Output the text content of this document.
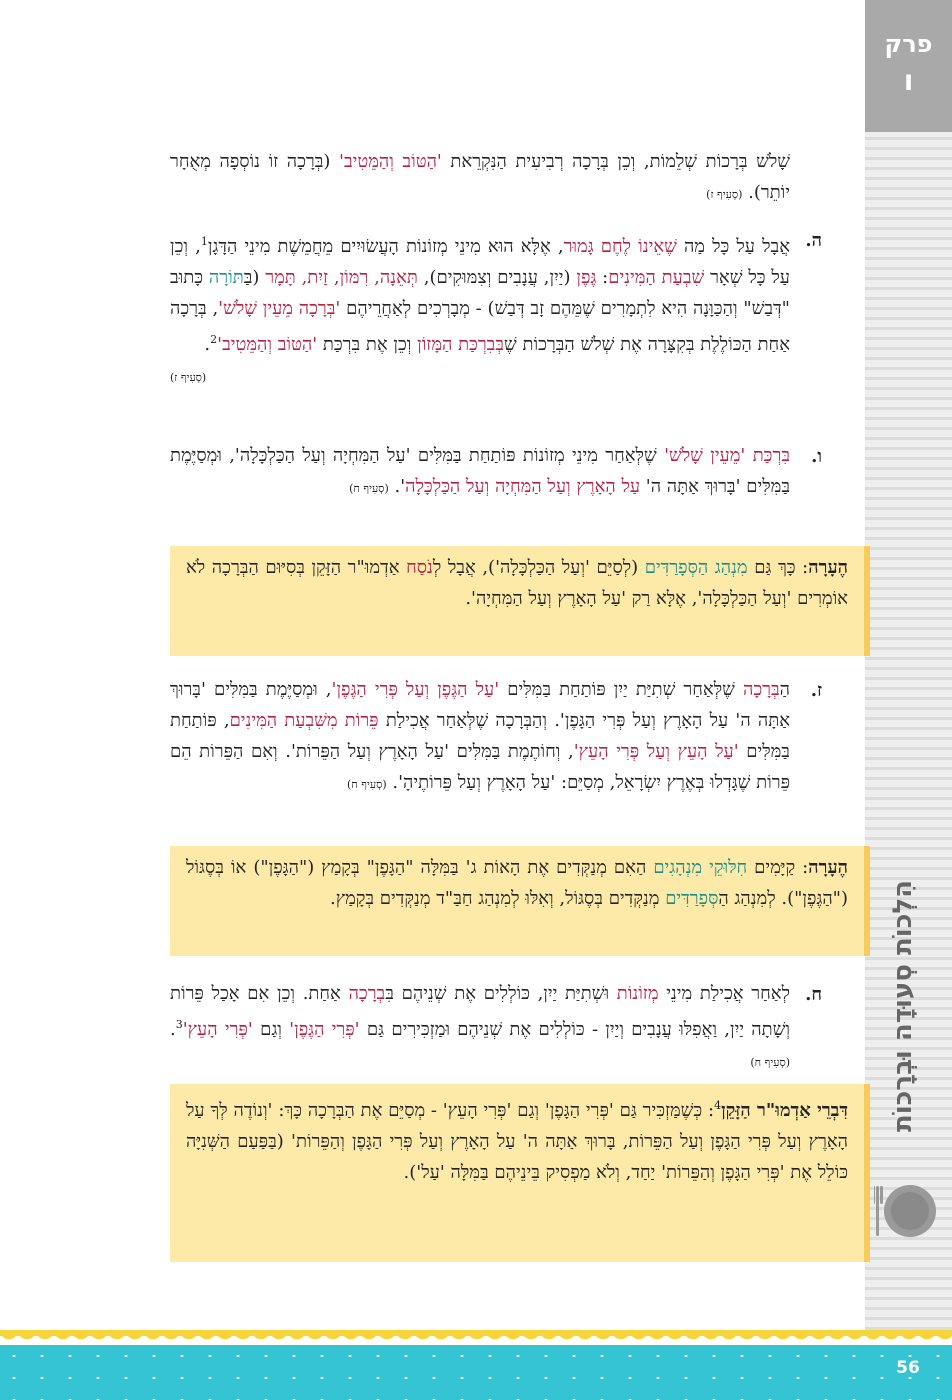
פרק
ו
הִלְכוֹת סְעוּדָה וּבְרָכוֹת
שָׁלֹשׁ בְּרָכוֹת שְׁלֵמוֹת, וְכֵן בְּרָכָה רְבִיעִית הַנִּקְרֵאת 'הַטּוֹב וְהַמֵּטִיב' (בְּרָכָה זוֹ נוֹסְפָה מְאֻחָר יוֹתֵר). (סְעִיף ז)
ה.
אֲבָל עַל כָּל מַה שֶׁאֵינוֹ לֶחֶם גָּמוּר, אֶלָּא הוּא מִינֵי מְזוֹנוֹת הָעֲשׂוּיִים מֵחֲמֵשֶׁת מִינֵי הַדָּגָן$^1$, וְכֵן עַל כָּל שְׁאָר שִׁבְעַת הַמִּינִים: גֶּפֶן (יַיִן, עֲנָבִים וְצִמּוּקִים), תְּאֵנָה, רִמּוֹן, זַיִת, תָּמָר (בַּתּוֹרָה כָּתוּב "דְּבַשׁ" וְהַכַּוָּנָה הִיא לִתְמָרִים שֶׁמֵּהֶם זָב דְּבַשׁ) - מְבָרְכִים לְאַחֲרֵיהֶם 'בְּרָכָה מֵעֵין שָׁלֹשׁ', בְּרָכָה אַחַת הַכּוֹלֶלֶת בְּקִצָּרָה אֶת שְׁלֹשׁ הַבְּרָכוֹת שֶׁבְּבִרְכַּת הַמָּזוֹן וְכֵן אֶת בִּרְכַּת 'הַטּוֹב $וְהַמֵּטִיב'^2$.
(סְעִיף ז)
ו.
בִּרְכַּת 'מֵעֵין שָׁלֹשׁ' שֶׁלְּאַחַר מִינֵי מְזוֹנוֹת פּוֹתַחַת בַּמִּלִּים 'עַל הַמִּחְיָה וְעַל הַכַּלְכָּלָה', וּמְסַיֶּמֶת בַּמִּלִּים 'בָּרוּךְ אַתָּה ה' עַל הָאָרֶץ וְעַל הַמִּחְיָה וְעַל הַכַּלְכָּלָה'. (סְעִיף ח)
הֶעָרָה: כָּךְ גַּם מִנְהַג הַסְּפָרַדִּים (לְסַיֵּם 'וְעַל הַכַּלְכָּלָה'), אֲבָל לְנֹסַח אַדְמוּ"ר הַזָּקֵן בְּסִיּוּם הַבְּרָכָה לֹא אוֹמְרִים 'וְעַל הַכַּלְכָּלָה', אֶלָּא רַק 'עַל הָאָרֶץ וְעַל הַמִּחְיָה'.
ז.
הַבְּרָכָה שֶׁלְּאַחַר שְׁתִיַּת יַיִן פּוֹתַחַת בַּמִּלִּים 'עַל הַגֶּפֶן וְעַל פְּרִי הַגֶּפֶן', וּמְסַיֶּמֶת בַּמִּלִּים 'בָּרוּךְ אַתָּה ה' עַל הָאָרֶץ וְעַל פְּרִי הַגָּפֶן'. וְהַבְּרָכָה שֶׁלְּאַחַר אֲכִילַת פֵּרוֹת מִשִּׁבְעַת הַמִּינִים, פּוֹתַחַת בַּמִּלִּים 'עַל הָעֵץ וְעַל פְּרִי הָעֵץ', וְחוֹתֶמֶת בַּמִּלִּים 'עַל הָאָרֶץ וְעַל הַפֵּרוֹת'. וְאִם הַפֵּרוֹת הֵם פֵּרוֹת שֶׁגָּדְלוּ בְּאֶרֶץ יִשְׂרָאֵל, מְסַיֵּם: 'עַל הָאָרֶץ וְעַל פֵּרוֹתֶיהָ'. (סְעִיף ח)
הֶעָרָה: קַיָּמִים חִלּוּקֵי מִנְהָגִים הַאִם מְנַקְּדִים אֶת הָאוֹת ג' בַּמִּלָּה "הַגָּפֶן" בְּקָמַץ ("הַגָּפֶן") אוֹ בְּסֶגּוֹל ("הַגֶּפֶן"). לְמִנְהַג הַסְּפָרַדִּים מְנַקְּדִים בְּסֶגּוֹל, וְאִלּוּ לְמִנְהַג חַבַּ"ד מְנַקְּדִים בְּקָמַץ.
ח.
לְאַחַר אֲכִילַת מִינֵי מְזוֹנוֹת וּשְׁתִיַּת יַיִן, כּוֹלְלִים אֶת שְׁנֵיהֶם בִּבְרָכָה אַחַת. וְכֵן אִם אָכַל פֵּרוֹת וְשָׁתָה יַיִן, וַאֲפִלּוּ עֲנָבִים וְיַיִן - כּוֹלְלִים אֶת שְׁנֵיהֶם וּמַזְכִּירִים גַּם 'פְּרִי הַגֶּפֶן' וְגַם 'פְּרִי $הָעֵץ'^3$. (סְעִיף ח)
דִּבְרֵי אַדְמוּ"ר הַזָּקֵן$^4$: כְּשֶׁמַּזְכִּיר גַּם 'פְּרִי הַגָּפֶן' וְגַם 'פְּרִי הָעֵץ' - מְסַיֵּם אֶת הַבְּרָכָה כָּךְ: 'וְנוֹדֶה לְּךָ עַל הָאָרֶץ וְעַל פְּרִי הַגָּפֶן וְעַל הַפֵּרוֹת, בָּרוּךְ אַתָּה ה' עַל הָאָרֶץ וְעַל פְּרִי הַגָּפֶן וְהַפֵּרוֹת' (בַּפַּעַם הַשְּׁנִיָּה כּוֹלֵל אֶת 'פְּרִי הַגָּפֶן וְהַפֵּרוֹת' יַחַד, וְלֹא מַפְסִיק בֵּינֵיהֶם בַּמִּלָּה 'עַל').
56
